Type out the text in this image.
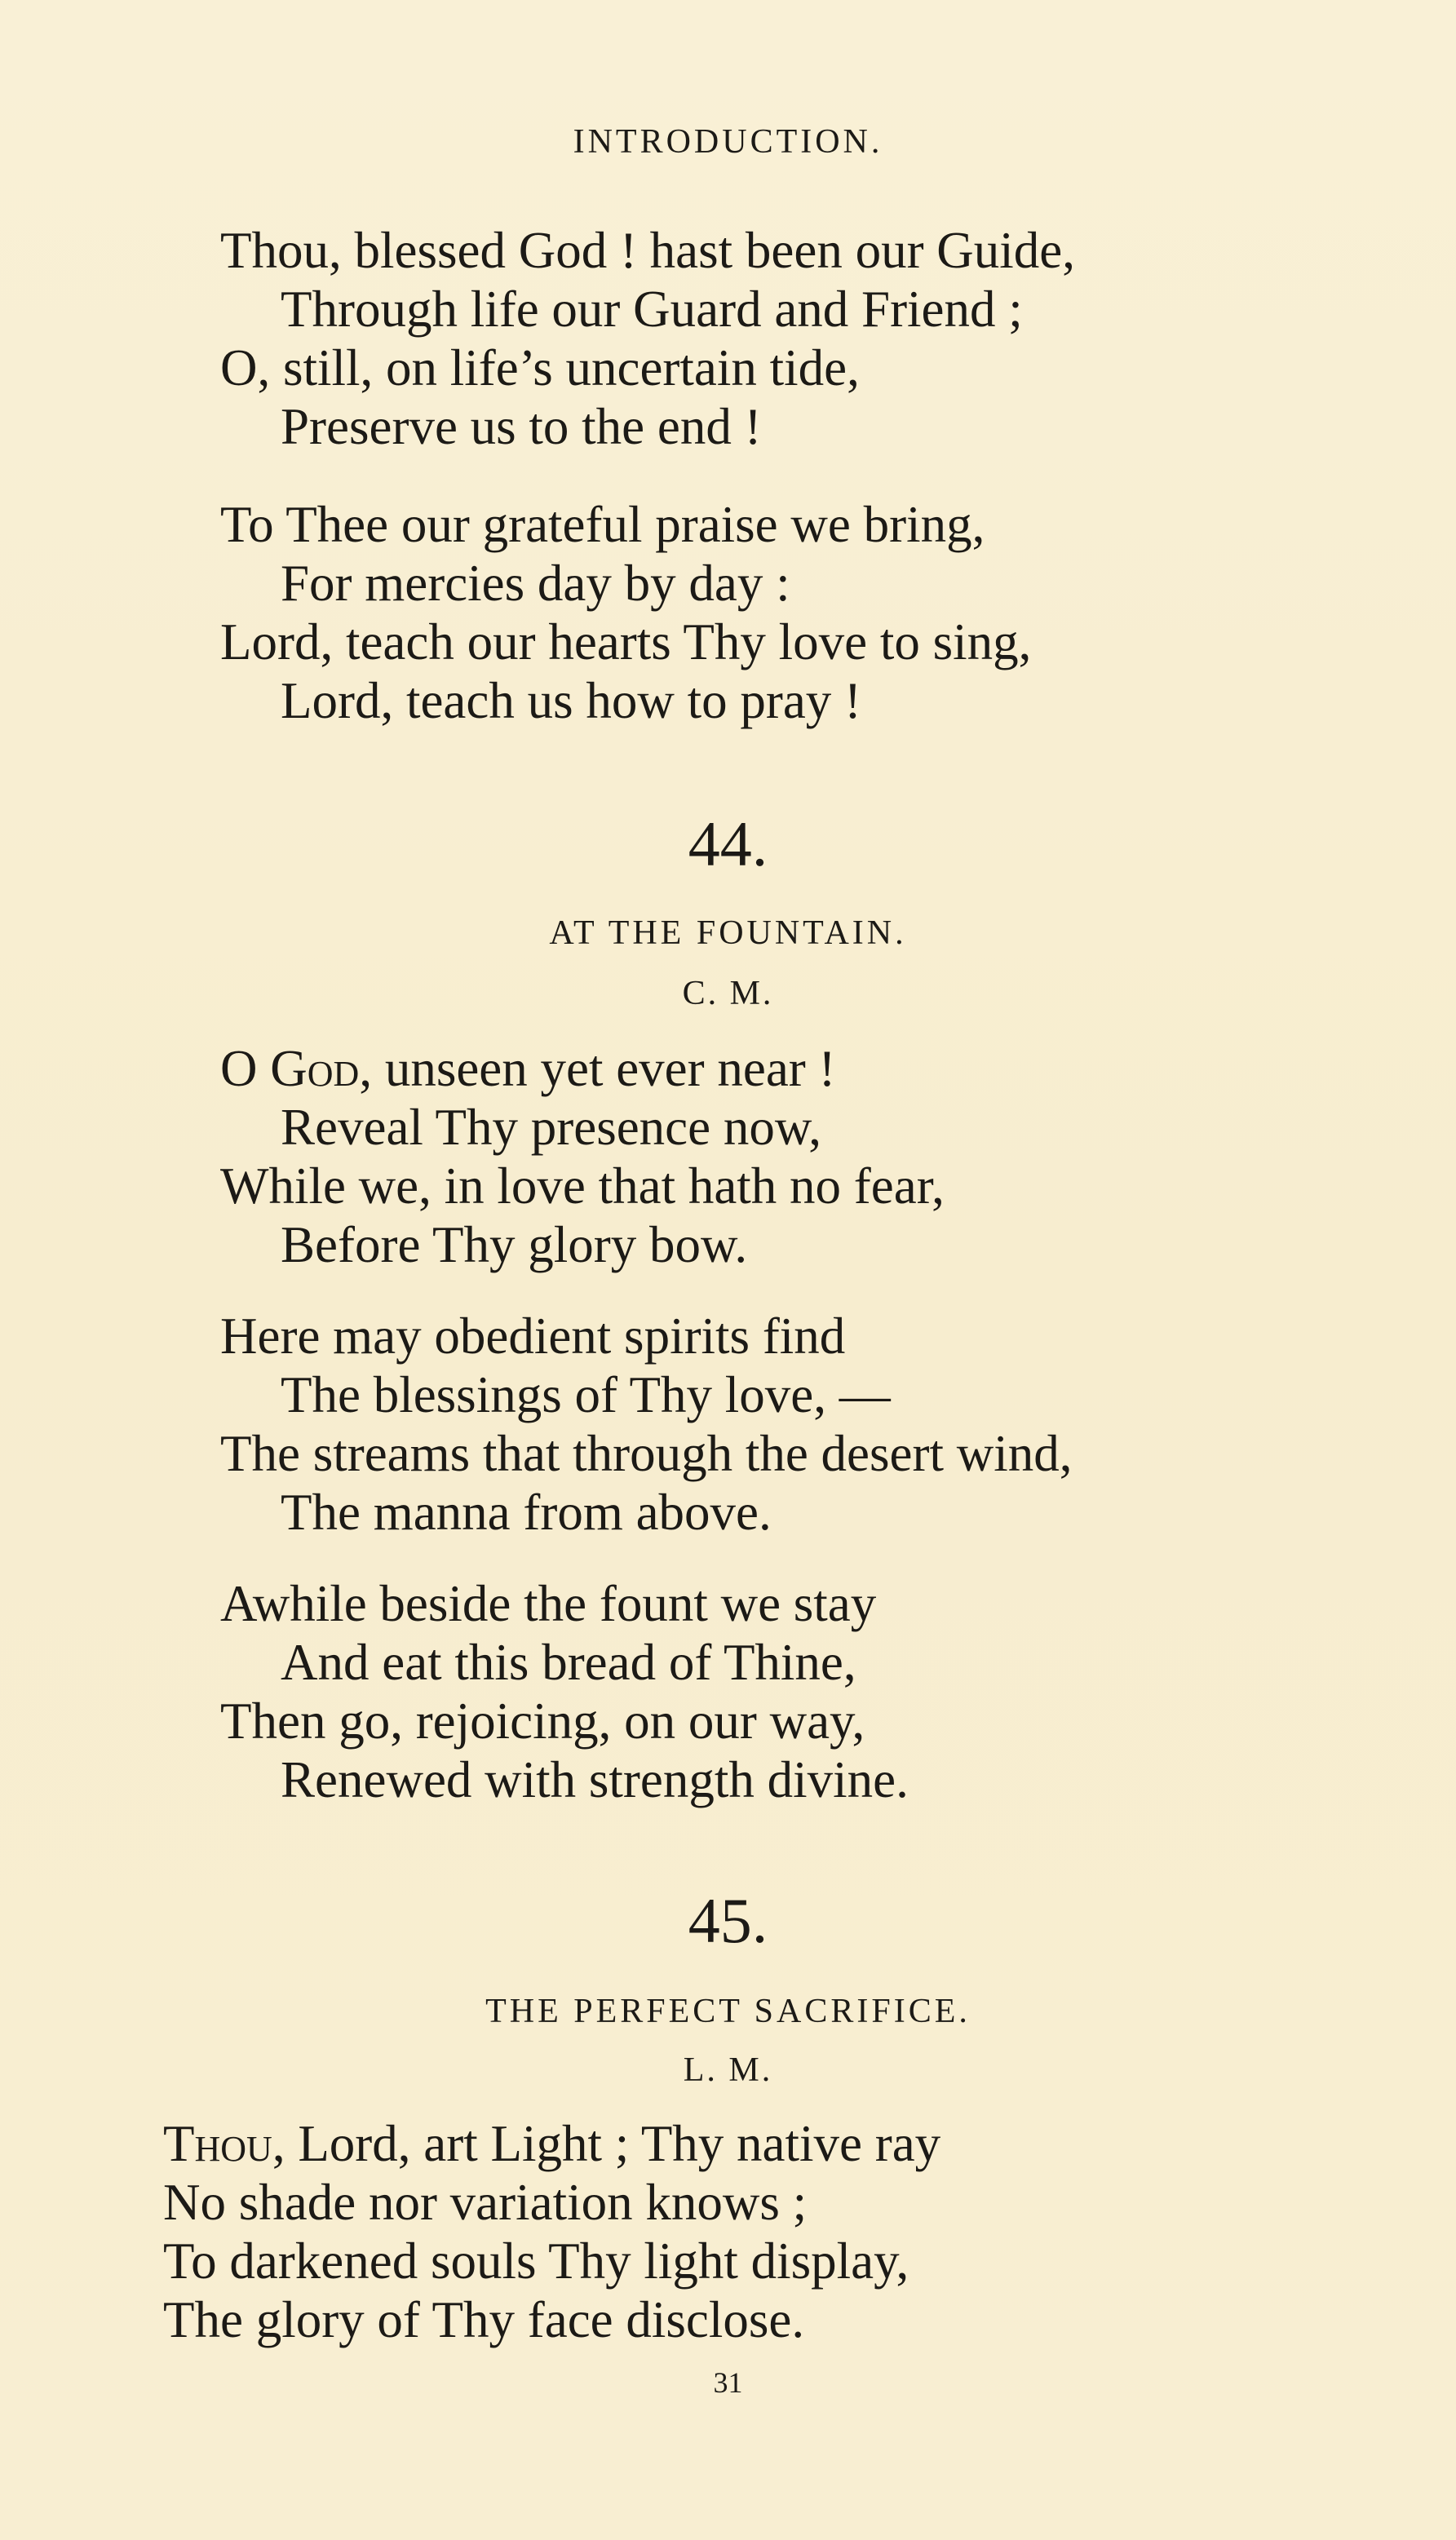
INTRODUCTION.
Thou, blessed God ! hast been our Guide,
Through life our Guard and Friend ;
O, still, on life’s uncertain tide,
Preserve us to the end !
To Thee our grateful praise we bring,
For mercies day by day :
Lord, teach our hearts Thy love to sing,
Lord, teach us how to pray !
44.
AT THE FOUNTAIN.
C. M.
O God, unseen yet ever near !
Reveal Thy presence now,
While we, in love that hath no fear,
Before Thy glory bow.
Here may obedient spirits find
The blessings of Thy love, —
The streams that through the desert wind,
The manna from above.
Awhile beside the fount we stay
And eat this bread of Thine,
Then go, rejoicing, on our way,
Renewed with strength divine.
45.
THE PERFECT SACRIFICE.
L. M.
Thou, Lord, art Light ; Thy native ray
No shade nor variation knows ;
To darkened souls Thy light display,
The glory of Thy face disclose.
31
